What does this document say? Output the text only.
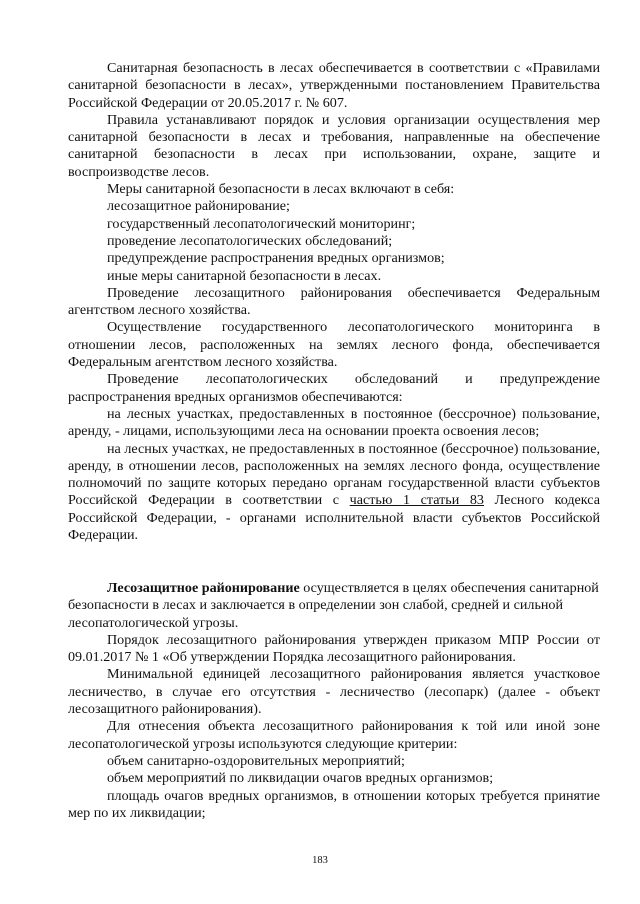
Санитарная безопасность в лесах обеспечивается в соответствии с «Правилами санитарной безопасности в лесах», утвержденными постановлением Правительства Российской Федерации от 20.05.2017 г. № 607.

Правила устанавливают порядок и условия организации осуществления мер санитарной безопасности в лесах и требования, направленные на обеспечение санитарной безопасности в лесах при использовании, охране, защите и воспроизводстве лесов.

Меры санитарной безопасности в лесах включают в себя:

лесозащитное районирование;

государственный лесопатологический мониторинг;

проведение лесопатологических обследований;

предупреждение распространения вредных организмов;

иные меры санитарной безопасности в лесах.

Проведение лесозащитного районирования обеспечивается Федеральным агентством лесного хозяйства.

Осуществление государственного лесопатологического мониторинга в отношении лесов, расположенных на землях лесного фонда, обеспечивается Федеральным агентством лесного хозяйства.

Проведение лесопатологических обследований и предупреждение распространения вредных организмов обеспечиваются:

на лесных участках, предоставленных в постоянное (бессрочное) пользование, аренду, - лицами, использующими леса на основании проекта освоения лесов;

на лесных участках, не предоставленных в постоянное (бессрочное) пользование, аренду, в отношении лесов, расположенных на землях лесного фонда, осуществление полномочий по защите которых передано органам государственной власти субъектов Российской Федерации в соответствии с частью 1 статьи 83 Лесного кодекса Российской Федерации, - органами исполнительной власти субъектов Российской Федерации.

Лесозащитное районирование осуществляется в целях обеспечения санитарной безопасности в лесах и заключается в определении зон слабой, средней и сильной лесопатологической угрозы.

Порядок лесозащитного районирования утвержден приказом МПР России от 09.01.2017 № 1 «Об утверждении Порядка лесозащитного районирования.

Минимальной единицей лесозащитного районирования является участковое лесничество, в случае его отсутствия - лесничество (лесопарк) (далее - объект лесозащитного районирования).

Для отнесения объекта лесозащитного районирования к той или иной зоне лесопатологической угрозы используются следующие критерии:

объем санитарно-оздоровительных мероприятий;

объем мероприятий по ликвидации очагов вредных организмов;

площадь очагов вредных организмов, в отношении которых требуется принятие мер по их ликвидации;

183
